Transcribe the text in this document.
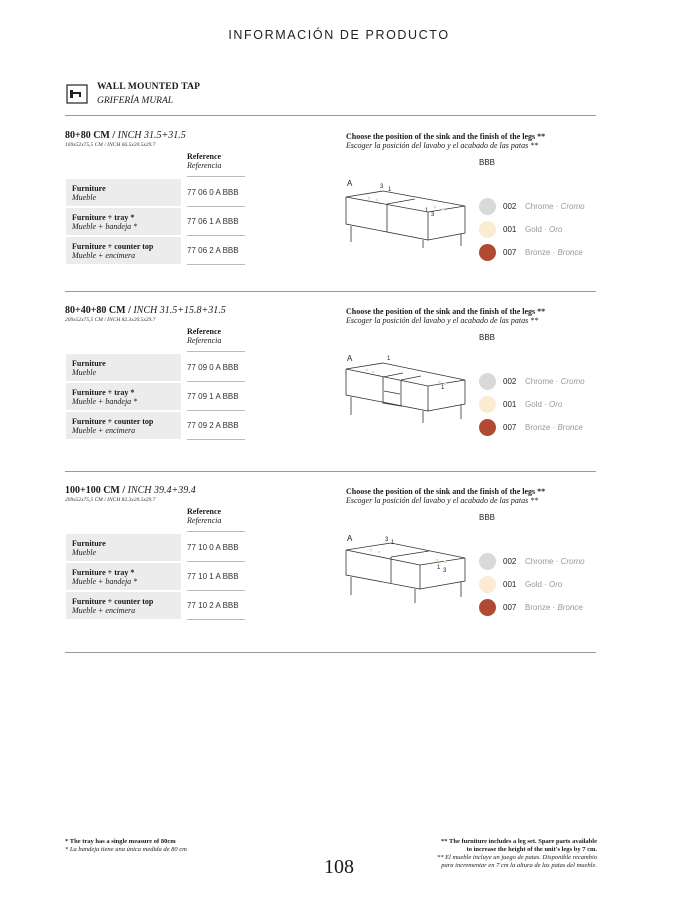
INFORMACIÓN DE PRODUCTO
WALL MOUNTED TAP
GRIFERÍA MURAL
80+80 CM / INCH 31.5+31.5
169x52x75,5 CM / INCH 66.5x20.5x29.7
Reference
Referencia
Furniture
Mueble
77 06 0 A BBB
Furniture + tray *
Mueble + bandeja *
77 06 1 A BBB
Furniture + counter top
Mueble + encimera
77 06 2 A BBB
Choose the position of the sink and the finish of the legs **
Escoger la posición del lavabo y el acabado de las patas **
A	3 1
1
3
BBB
002 Chrome · Cromo
001 Gold · Oro
007 Bronze · Bronce
80+40+80 CM / INCH 31.5+15.8+31.5
209x52x75,5 CM / INCH 82.3x20.5x29.7
Reference
Referencia
Furniture
Mueble
77 09 0 A BBB
Furniture + tray *
Mueble + bandeja *
77 09 1 A BBB
Furniture + counter top
Mueble + encimera
77 09 2 A BBB
Choose the position of the sink and the finish of the legs **
Escoger la posición del lavabo y el acabado de las patas **
A	1
1
BBB
002 Chrome · Cromo
001 Gold · Oro
007 Bronze · Bronce
100+100 CM / INCH 39.4+39.4
209x52x75,5 CM / INCH 82.3x20.5x29.7
Reference
Referencia
Furniture
Mueble
77 10 0 A BBB
Furniture + tray *
Mueble + bandeja *
77 10 1 A BBB
Furniture + counter top
Mueble + encimera
77 10 2 A BBB
Choose the position of the sink and the finish of the legs **
Escoger la posición del lavabo y el acabado de las patas **
A	3 1
1 3
BBB
002 Chrome · Cromo
001 Gold · Oro
007 Bronze · Bronce
* The tray has a single measure of 80cm
* La bandeja tiene una única medida de 80 cm
** The furniture includes a leg set. Spare parts available
to increase the height of the unit's legs by 7 cm.
** El mueble incluye un juego de patas. Disponible recambio
para incrementar en 7 cm la altura de las patas del mueble.
108
